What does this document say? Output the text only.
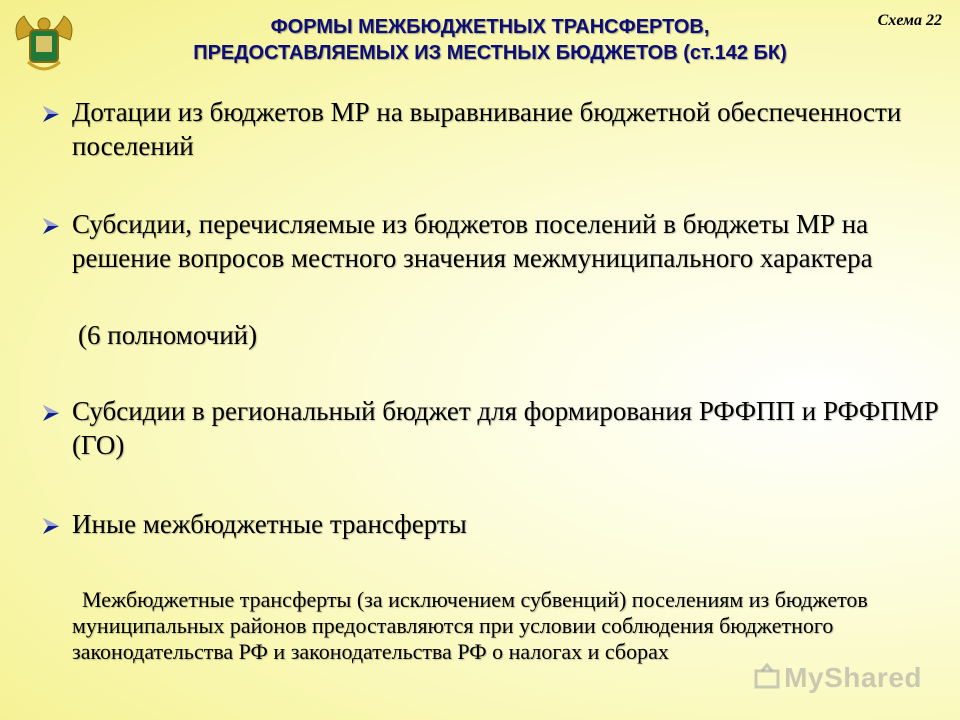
Схема 22
ФОРМЫ МЕЖБЮДЖЕТНЫХ ТРАНСФЕРТОВ,
ПРЕДОСТАВЛЯЕМЫХ ИЗ МЕСТНЫХ БЮДЖЕТОВ (ст.142 БК)
Дотации из бюджетов МР на выравнивание бюджетной обеспеченности поселений
Субсидии, перечисляемые из бюджетов поселений в бюджеты МР на решение вопросов местного значения межмуниципального характера
(6 полномочий)
Субсидии в региональный бюджет для формирования РФФПП и РФФПМР (ГО)
Иные межбюджетные трансферты
Межбюджетные трансферты (за исключением субвенций) поселениям из бюджетов муниципальных районов предоставляются при условии соблюдения бюджетного законодательства РФ и законодательства РФ о налогах и сборах
MyShared
